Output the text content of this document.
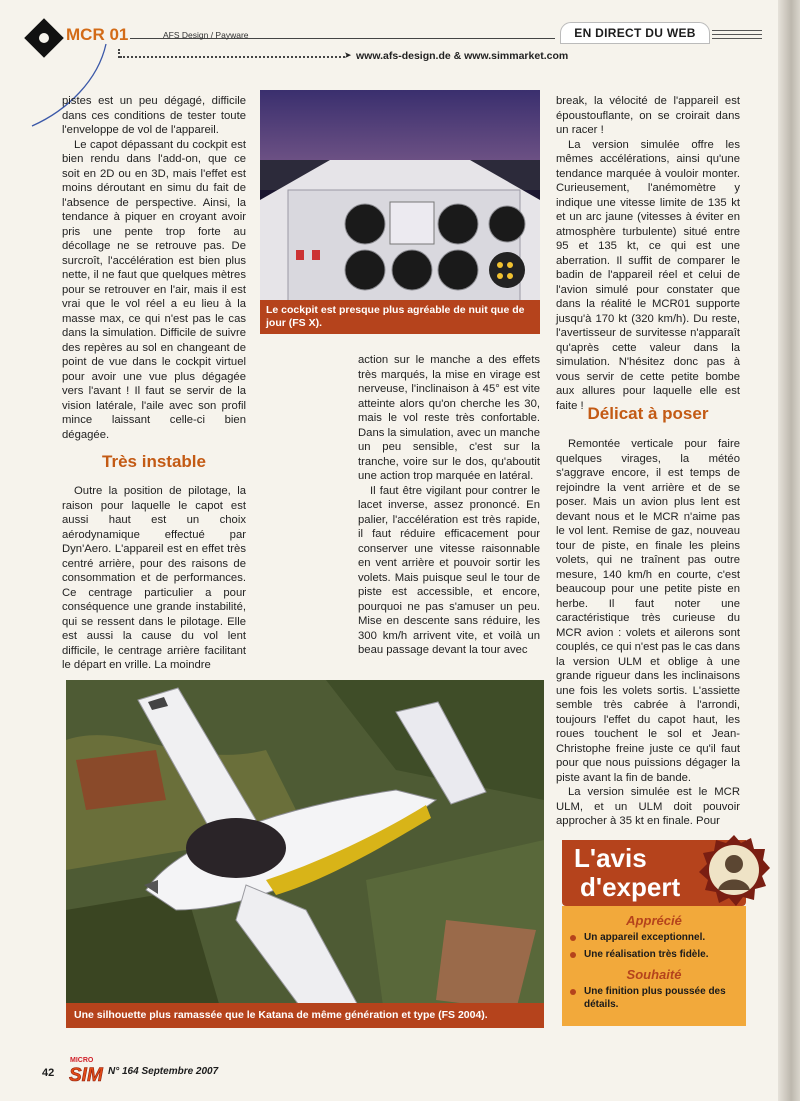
MCR 01	AFS Design / Payware	EN DIRECT DU WEB
➤ www.afs-design.de & www.simmarket.com

pistes est un peu dégagé, difficile dans ces conditions de tester toute l'enveloppe de vol de l'appareil.

Le capot dépassant du cockpit est bien rendu dans l'add-on, que ce soit en 2D ou en 3D, mais l'effet est moins déroutant en simu du fait de l'absence de perspective. Ainsi, la tendance à piquer en croyant avoir pris une pente trop forte au décollage ne se retrouve pas. De surcroît, l'accélération est bien plus nette, il ne faut que quelques mètres pour se retrouver en l'air, mais il est vrai que le vol réel a eu lieu à la masse max, ce qui n'est pas le cas dans la simulation. Difficile de suivre des repères au sol en changeant de point de vue dans le cockpit virtuel pour avoir une vue plus dégagée vers l'avant ! Il faut se servir de la vision latérale, l'aile avec son profil mince laissant celle-ci bien dégagée.

Très instable

Outre la position de pilotage, la raison pour laquelle le capot est aussi haut est un choix aérodynamique effectué par Dyn'Aero. L'appareil est en effet très centré arrière, pour des raisons de consommation et de performances. Ce centrage particulier a pour conséquence une grande instabilité, qui se ressent dans le pilotage. Elle est aussi la cause du vol lent difficile, le centrage arrière facilitant le départ en vrille. La moindre

Le cockpit est presque plus agréable de nuit que de jour (FS X).

action sur le manche a des effets très marqués, la mise en virage est nerveuse, l'inclinaison à 45° est vite atteinte alors qu'on cherche les 30, mais le vol reste très confortable. Dans la simulation, avec un manche un peu sensible, c'est sur la tranche, voire sur le dos, qu'aboutit une action trop marquée en latéral.

Il faut être vigilant pour contrer le lacet inverse, assez prononcé. En palier, l'accélération est très rapide, il faut réduire efficacement pour conserver une vitesse raisonnable en vent arrière et pouvoir sortir les volets. Mais puisque seul le tour de piste est accessible, et encore, pourquoi ne pas s'amuser un peu. Mise en descente sans réduire, les 300 km/h arrivent vite, et voilà un beau passage devant la tour avec

break, la vélocité de l'appareil est époustouflante, on se croirait dans un racer !

La version simulée offre les mêmes accélérations, ainsi qu'une tendance marquée à vouloir monter. Curieusement, l'anémomètre y indique une vitesse limite de 135 kt et un arc jaune (vitesses à éviter en atmosphère turbulente) situé entre 95 et 135 kt, ce qui est une aberration. Il suffit de comparer le badin de l'appareil réel et celui de l'avion simulé pour constater que dans la réalité le MCR01 supporte jusqu'à 170 kt (320 km/h). Du reste, l'avertisseur de survitesse n'apparaît qu'après cette valeur dans la simulation. N'hésitez donc pas à vous servir de cette petite bombe aux allures pour laquelle elle est faite ! Délicat à poser

Remontée verticale pour faire quelques virages, la météo s'aggrave encore, il est temps de rejoindre la vent arrière et de se poser. Mais un avion plus lent est devant nous et le MCR n'aime pas le vol lent. Remise de gaz, nouveau tour de piste, en finale les pleins volets, qui ne traînent pas outre mesure, 140 km/h en courte, c'est beaucoup pour une petite piste en herbe. Il faut noter une caractéristique très curieuse du MCR avion : volets et ailerons sont couplés, ce qui n'est pas le cas dans la version ULM et oblige à une grande rigueur dans les inclinaisons une fois les volets sortis. L'assiette semble très cabrée à l'arrondi, toujours l'effet du capot haut, les roues touchent le sol et Jean-Christophe freine juste ce qu'il faut pour que nous puissions dégager la piste avant la fin de bande.

La version simulée est le MCR ULM, et un ULM doit pouvoir approcher à 35 kt en finale. Pour

Une silhouette plus ramassée que le Katana de même génération et type (FS 2004).
L'avis
d'expert
Apprécié
Un appareil exceptionnel.
Une réalisation très fidèle.
Souhaité
Une finition plus poussée des détails.
42
MICRO
SIM N° 164 Septembre 2007
